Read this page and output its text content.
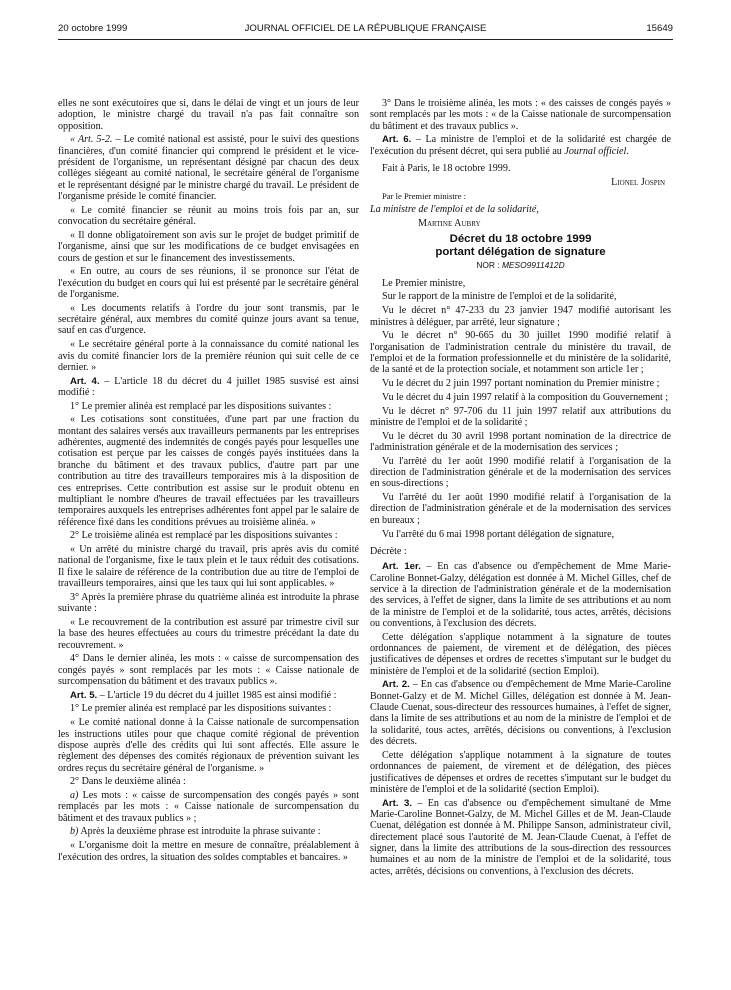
20 octobre 1999	JOURNAL OFFICIEL DE LA RÉPUBLIQUE FRANÇAISE	15649

elles ne sont exécutoires que si, dans le délai de vingt et un jours de leur adoption, le ministre chargé du travail n'a pas fait connaître son opposition.

« Art. 5-2. – Le comité national est assisté, pour le suivi des questions financières, d'un comité financier qui comprend le président et le vice-président de l'organisme, un représentant désigné par chacun des deux collèges siégeant au comité national, le secrétaire général de l'organisme et le représentant désigné par le ministre chargé du travail. Le président de l'organisme préside le comité financier.

« Le comité financier se réunit au moins trois fois par an, sur convocation du secrétaire général.

« Il donne obligatoirement son avis sur le projet de budget primitif de l'organisme, ainsi que sur les modifications de ce budget envisagées en cours de gestion et sur le financement des investissements.

« En outre, au cours de ses réunions, il se prononce sur l'état de l'exécution du budget en cours qui lui est présenté par le secrétaire général de l'organisme.

« Les documents relatifs à l'ordre du jour sont transmis, par le secrétaire général, aux membres du comité quinze jours avant sa tenue, sauf en cas d'urgence.

« Le secrétaire général porte à la connaissance du comité national les avis du comité financier lors de la première réunion qui suit celle de ce dernier. »

Art. 4. – L'article 18 du décret du 4 juillet 1985 susvisé est ainsi modifié :

1° Le premier alinéa est remplacé par les dispositions suivantes :

« Les cotisations sont constituées, d'une part par une fraction du montant des salaires versés aux travailleurs permanents par les entreprises adhérentes, augmenté des indemnités de congés payés pour lesquelles une cotisation est perçue par les caisses de congés payés instituées dans la branche du bâtiment et des travaux publics, d'autre part par une contribution au titre des travailleurs temporaires mis à la disposition de ces entreprises. Cette contribution est assise sur le produit obtenu en multipliant le nombre d'heures de travail effectuées par les travailleurs temporaires auxquels les entreprises adhérentes font appel par le salaire de référence fixé dans les conditions prévues au troisième alinéa. »

2° Le troisième alinéa est remplacé par les dispositions suivantes :

« Un arrêté du ministre chargé du travail, pris après avis du comité national de l'organisme, fixe le taux plein et le taux réduit des cotisations. Il fixe le salaire de référence de la contribution due au titre de l'emploi de travailleurs temporaires, ainsi que les taux qui lui sont applicables. »

3° Après la première phrase du quatrième alinéa est introduite la phrase suivante :

« Le recouvrement de la contribution est assuré par trimestre civil sur la base des heures effectuées au cours du trimestre précédant la date du recouvrement. »

4° Dans le dernier alinéa, les mots : « caisse de surcompensation des congés payés » sont remplacés par les mots : « Caisse nationale de surcompensation du bâtiment et des travaux publics ».

Art. 5. – L'article 19 du décret du 4 juillet 1985 est ainsi modifié :

1° Le premier alinéa est remplacé par les dispositions suivantes :

« Le comité national donne à la Caisse nationale de surcompensation les instructions utiles pour que chaque comité régional de prévention dispose auprès d'elle des crédits qui lui sont affectés. Elle assure le règlement des dépenses des comités régionaux de prévention suivant les ordres reçus du secrétaire général de l'organisme. »

2° Dans le deuxième alinéa :

a) Les mots : « caisse de surcompensation des congés payés » sont remplacés par les mots : « Caisse nationale de surcompensation du bâtiment et des travaux publics » ;

b) Après la deuxième phrase est introduite la phrase suivante :

« L'organisme doit la mettre en mesure de connaître, préalablement à l'exécution des ordres, la situation des soldes comptables et bancaires. »

3° Dans le troisième alinéa, les mots : « des caisses de congés payés » sont remplacés par les mots : « de la Caisse nationale de surcompensation du bâtiment et des travaux publics ».

Art. 6. – La ministre de l'emploi et de la solidarité est chargée de l'exécution du présent décret, qui sera publié au Journal officiel.

Fait à Paris, le 18 octobre 1999.

Lionel Jospin

Par le Premier ministre :

La ministre de l'emploi et de la solidarité,

Martine Aubry

Décret du 18 octobre 1999
portant délégation de signature
NOR : MESO9911412D

Le Premier ministre,

Sur le rapport de la ministre de l'emploi et de la solidarité,

Vu le décret n° 47-233 du 23 janvier 1947 modifié autorisant les ministres à déléguer, par arrêté, leur signature ;

Vu le décret n° 90-665 du 30 juillet 1990 modifié relatif à l'organisation de l'administration centrale du ministère du travail, de l'emploi et de la formation professionnelle et du ministère de la solidarité, de la santé et de la protection sociale, et notamment son article 1er ;

Vu le décret du 2 juin 1997 portant nomination du Premier ministre ;

Vu le décret du 4 juin 1997 relatif à la composition du Gouvernement ;

Vu le décret n° 97-706 du 11 juin 1997 relatif aux attributions du ministre de l'emploi et de la solidarité ;

Vu le décret du 30 avril 1998 portant nomination de la directrice de l'administration générale et de la modernisation des services ;

Vu l'arrêté du 1er août 1990 modifié relatif à l'organisation de la direction de l'administration générale et de la modernisation des services en sous-directions ;

Vu l'arrêté du 1er août 1990 modifié relatif à l'organisation de la direction de l'administration générale et de la modernisation des services en bureaux ;

Vu l'arrêté du 6 mai 1998 portant délégation de signature,

Décrète :

Art. 1er. – En cas d'absence ou d'empêchement de Mme Marie-Caroline Bonnet-Galzy, délégation est donnée à M. Michel Gilles, chef de service à la direction de l'administration générale et de la modernisation des services, à l'effet de signer, dans la limite de ses attributions et au nom de la ministre de l'emploi et de la solidarité, tous actes, arrêtés, décisions ou conventions, à l'exclusion des décrets.

Cette délégation s'applique notamment à la signature de toutes ordonnances de paiement, de virement et de délégation, des pièces justificatives de dépenses et ordres de recettes s'imputant sur le budget du ministère de l'emploi et de la solidarité (section Emploi).

Art. 2. – En cas d'absence ou d'empêchement de Mme Marie-Caroline Bonnet-Galzy et de M. Michel Gilles, délégation est donnée à M. Jean-Claude Cuenat, sous-directeur des ressources humaines, à l'effet de signer, dans la limite de ses attributions et au nom de la ministre de l'emploi et de la solidarité, tous actes, arrêtés, décisions ou conventions, à l'exclusion des décrets.

Cette délégation s'applique notamment à la signature de toutes ordonnances de paiement, de virement et de délégation, des pièces justificatives de dépenses et ordres de recettes s'imputant sur le budget du ministère de l'emploi et de la solidarité (section Emploi).

Art. 3. – En cas d'absence ou d'empêchement simultané de Mme Marie-Caroline Bonnet-Galzy, de M. Michel Gilles et de M. Jean-Claude Cuenat, délégation est donnée à M. Philippe Sanson, administrateur civil, directement placé sous l'autorité de M. Jean-Claude Cuenat, à l'effet de signer, dans la limite des attributions de la sous-direction des ressources humaines et au nom de la ministre de l'emploi et de la solidarité, tous actes, arrêtés, décisions ou conventions, à l'exclusion des décrets.
